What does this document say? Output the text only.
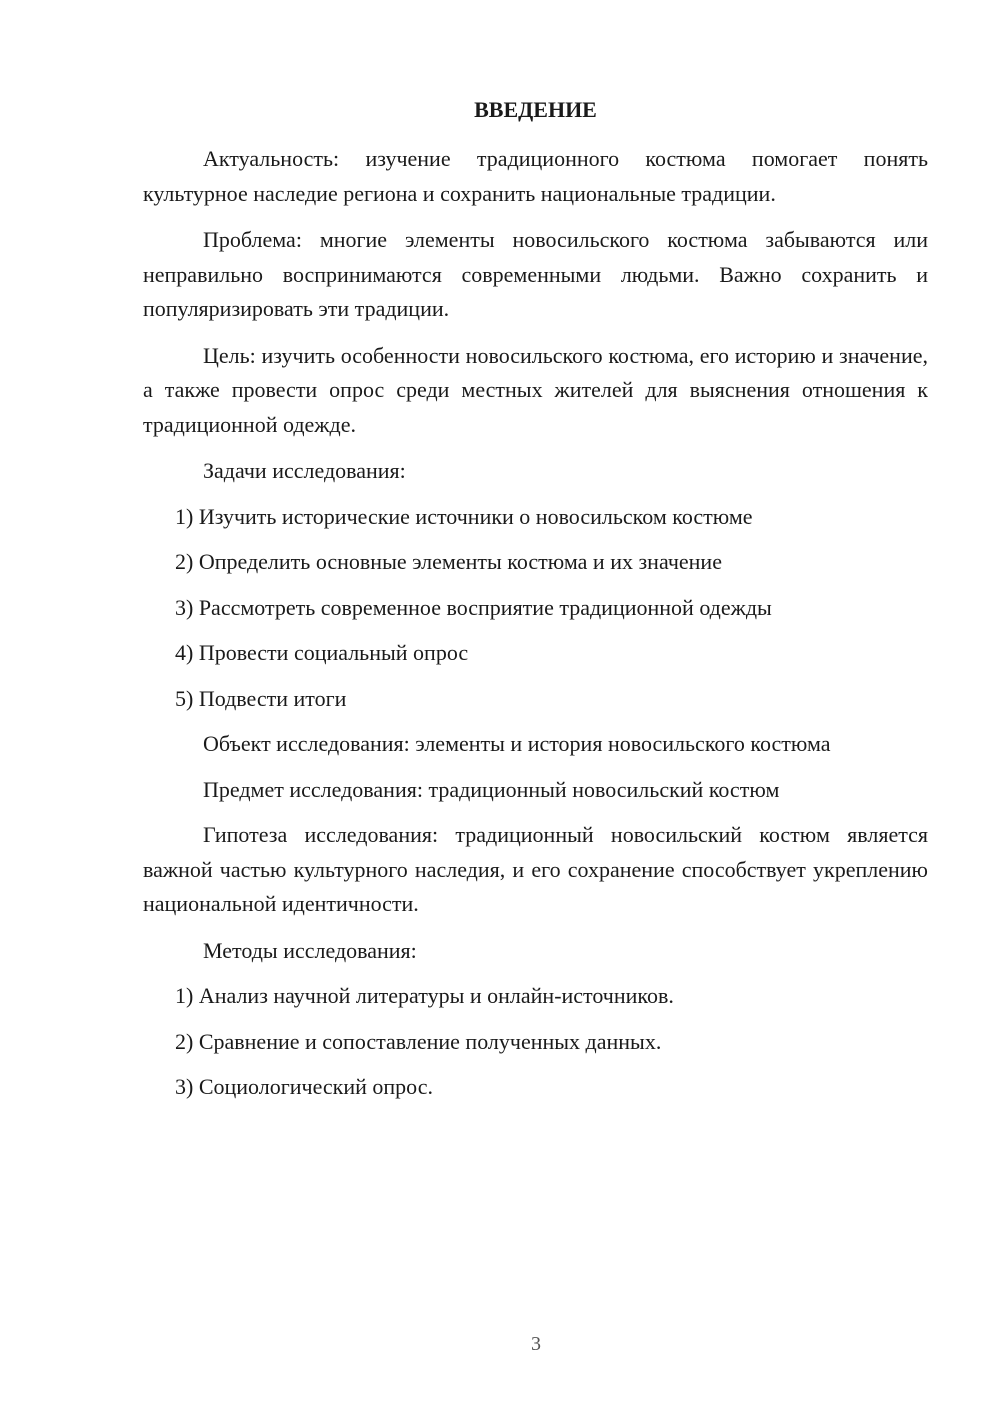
ВВЕДЕНИЕ

Актуальность: изучение традиционного костюма помогает понять культурное наследие региона и сохранить национальные традиции.

Проблема: многие элементы новосильского костюма забываются или неправильно воспринимаются современными людьми. Важно сохранить и популяризировать эти традиции.

Цель: изучить особенности новосильского костюма, его историю и значение, а также провести опрос среди местных жителей для выяснения отношения к традиционной одежде.

Задачи исследования:

1) Изучить исторические источники о новосильском костюме
2) Определить основные элементы костюма и их значение
3) Рассмотреть современное восприятие традиционной одежды
4) Провести социальный опрос
5) Подвести итоги

Объект исследования: элементы и история новосильского костюма

Предмет исследования: традиционный новосильский костюм

Гипотеза исследования: традиционный новосильский костюм является важной частью культурного наследия, и его сохранение способствует укреплению национальной идентичности.

Методы исследования:

1) Анализ научной литературы и онлайн-источников.
2) Сравнение и сопоставление полученных данных.
3) Социологический опрос.
3
